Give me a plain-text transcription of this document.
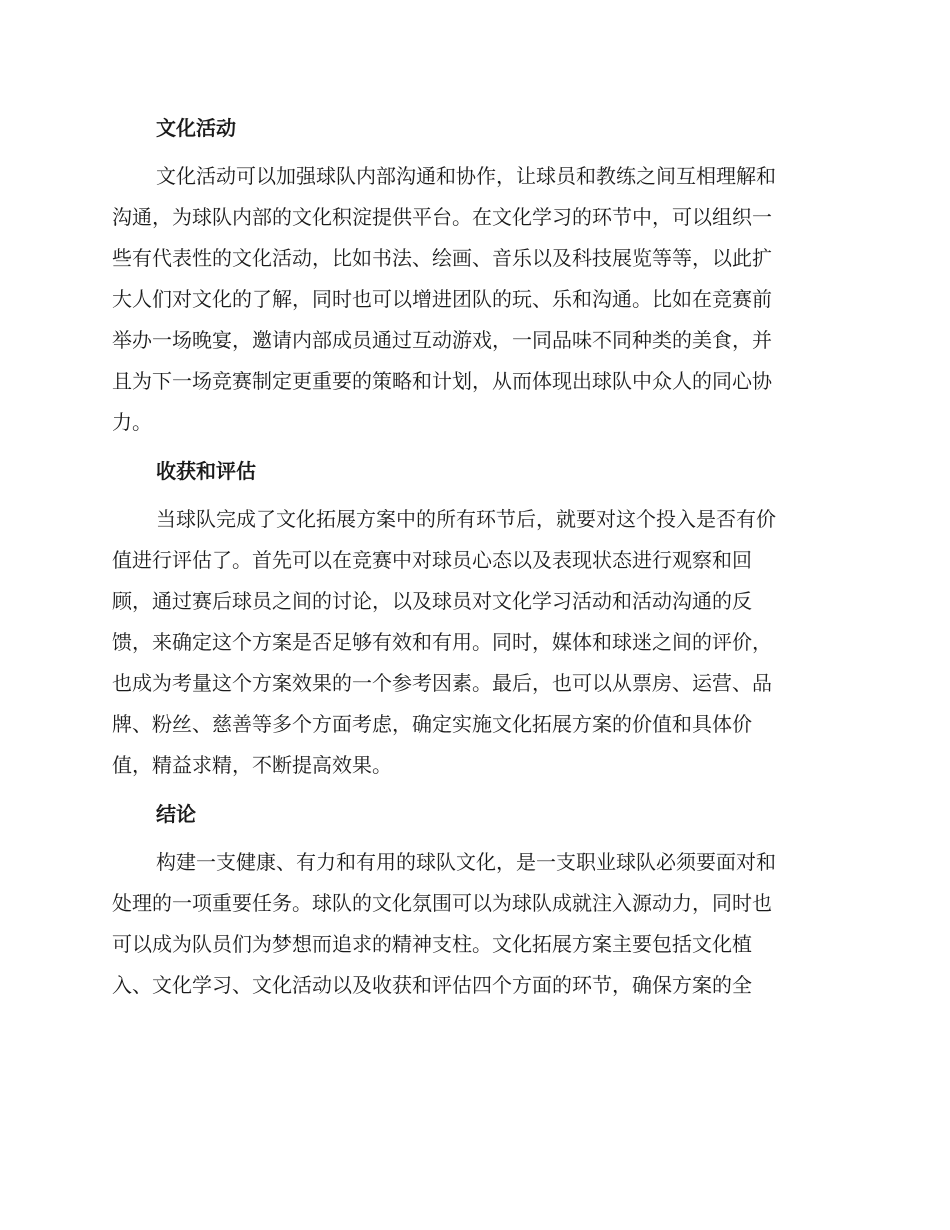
文化活动
文化活动可以加强球队内部沟通和协作，让球员和教练之间互相理解和
沟通，为球队内部的文化积淀提供平台。在文化学习的环节中，可以组织一
些有代表性的文化活动，比如书法、绘画、音乐以及科技展览等等，以此扩
大人们对文化的了解，同时也可以增进团队的玩、乐和沟通。比如在竞赛前
举办一场晚宴，邀请内部成员通过互动游戏，一同品味不同种类的美食，并
且为下一场竞赛制定更重要的策略和计划，从而体现出球队中众人的同心协
力。
收获和评估
当球队完成了文化拓展方案中的所有环节后，就要对这个投入是否有价
值进行评估了。首先可以在竞赛中对球员心态以及表现状态进行观察和回
顾，通过赛后球员之间的讨论，以及球员对文化学习活动和活动沟通的反
馈，来确定这个方案是否足够有效和有用。同时，媒体和球迷之间的评价，
也成为考量这个方案效果的一个参考因素。最后，也可以从票房、运营、品
牌、粉丝、慈善等多个方面考虑，确定实施文化拓展方案的价值和具体价
值，精益求精，不断提高效果。
结论
构建一支健康、有力和有用的球队文化，是一支职业球队必须要面对和
处理的一项重要任务。球队的文化氛围可以为球队成就注入源动力，同时也
可以成为队员们为梦想而追求的精神支柱。文化拓展方案主要包括文化植
入、文化学习、文化活动以及收获和评估四个方面的环节，确保方案的全
